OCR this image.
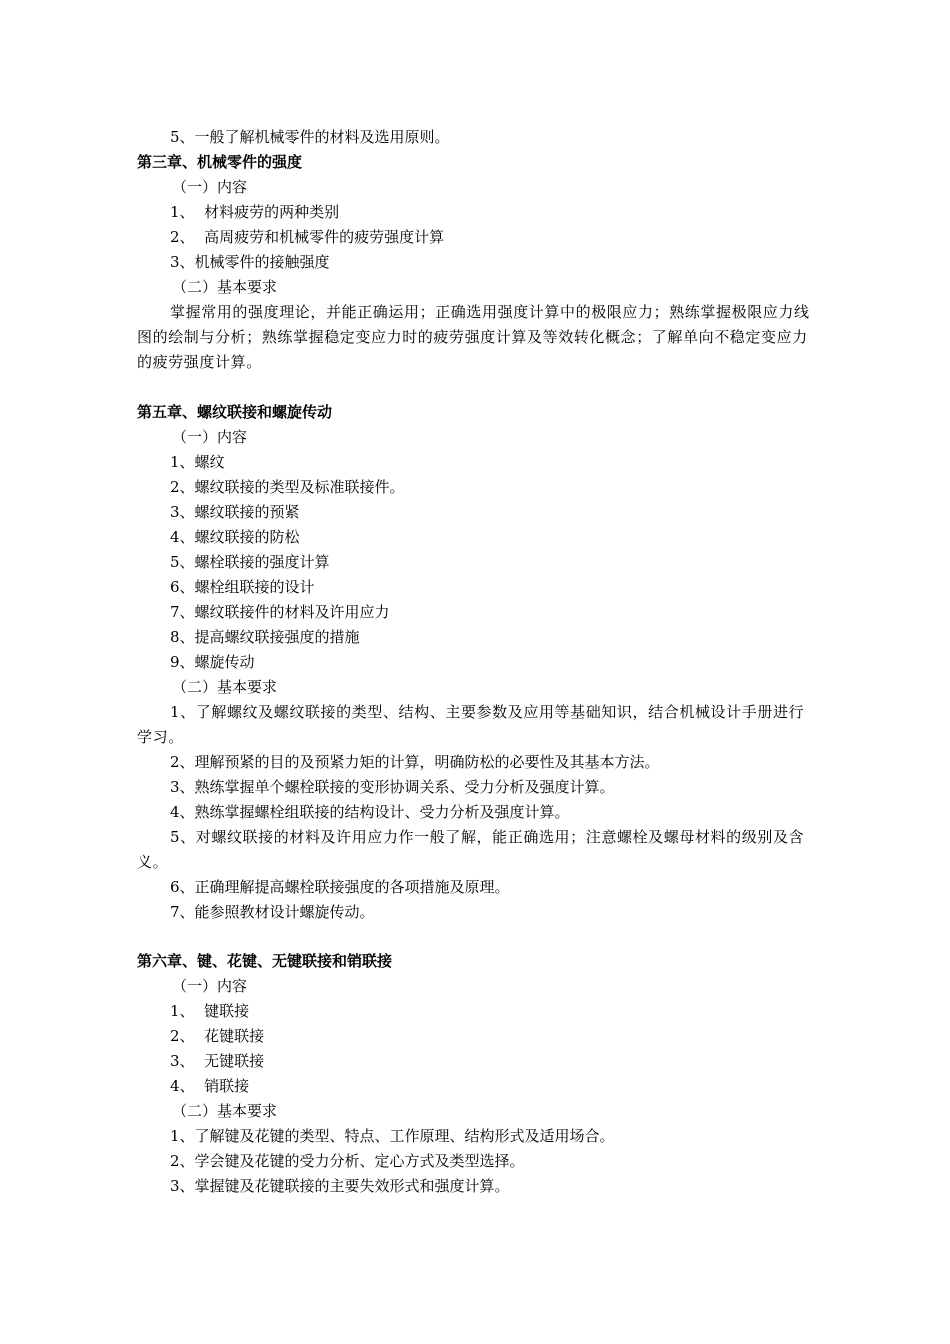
5、一般了解机械零件的材料及选用原则。
第三章、机械零件的强度
（一）内容
1、  材料疲劳的两种类别
2、  高周疲劳和机械零件的疲劳强度计算
3、机械零件的接触强度
（二）基本要求
掌握常用的强度理论，并能正确运用；正确选用强度计算中的极限应力；熟练掌握极限应力线图的绘制与分析；熟练掌握稳定变应力时的疲劳强度计算及等效转化概念；了解单向不稳定变应力的疲劳强度计算。
第五章、螺纹联接和螺旋传动
（一）内容
1、螺纹
2、螺纹联接的类型及标准联接件。
3、螺纹联接的预紧
4、螺纹联接的防松
5、螺栓联接的强度计算
6、螺栓组联接的设计
7、螺纹联接件的材料及许用应力
8、提高螺纹联接强度的措施
9、螺旋传动
（二）基本要求
1、了解螺纹及螺纹联接的类型、结构、主要参数及应用等基础知识，结合机械设计手册进行学习。
2、理解预紧的目的及预紧力矩的计算，明确防松的必要性及其基本方法。
3、熟练掌握单个螺栓联接的变形协调关系、受力分析及强度计算。
4、熟练掌握螺栓组联接的结构设计、受力分析及强度计算。
5、对螺纹联接的材料及许用应力作一般了解，能正确选用；注意螺栓及螺母材料的级别及含义。
6、正确理解提高螺栓联接强度的各项措施及原理。
7、能参照教材设计螺旋传动。
第六章、键、花键、无键联接和销联接
（一）内容
1、  键联接
2、  花键联接
3、  无键联接
4、  销联接
（二）基本要求
1、了解键及花键的类型、特点、工作原理、结构形式及适用场合。
2、学会键及花键的受力分析、定心方式及类型选择。
3、掌握键及花键联接的主要失效形式和强度计算。
